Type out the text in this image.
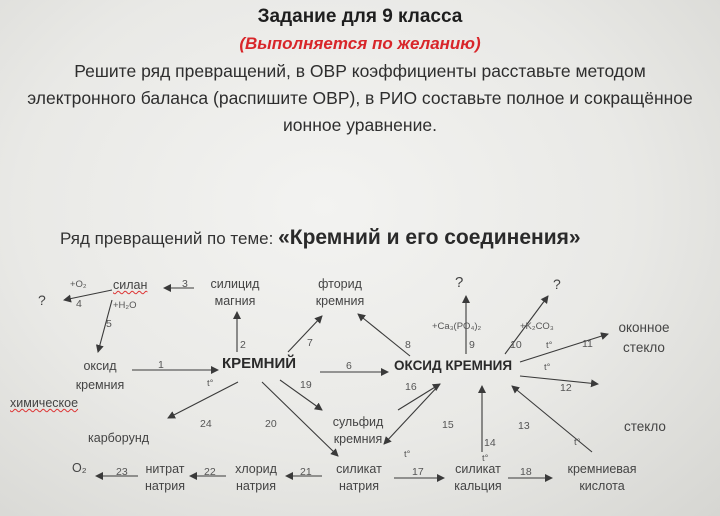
Задание для 9 класса
(Выполняется по желанию)
Решите ряд превращений, в ОВР коэффициенты расставьте методом электронного баланса (распишите ОВР), в РИО составьте полное и сокращённое ионное уравнение.
Ряд превращений по теме: «Кремний и его соединения»
силан	силицид магния
фторид кремния
?	?
?
оконное стекло
оксид кремния
химическое
КРЕМНИЙ	ОКСИД КРЕМНИЯ
карборунд
сульфид кремния
стекло
O₂	нитрат натрия
хлорид натрия
силикат натрия
силикат кальция
кремниевая кислота
+O₂
+H₂O
+Ca₃(PO₄)₂	+K₂CO₃
t°
t°
t°
t°	t°
t°
1
2
3
4
5
6
7	8	9	10	11
12
13
14
15
16
17	18
19
20
21
22
23
24
